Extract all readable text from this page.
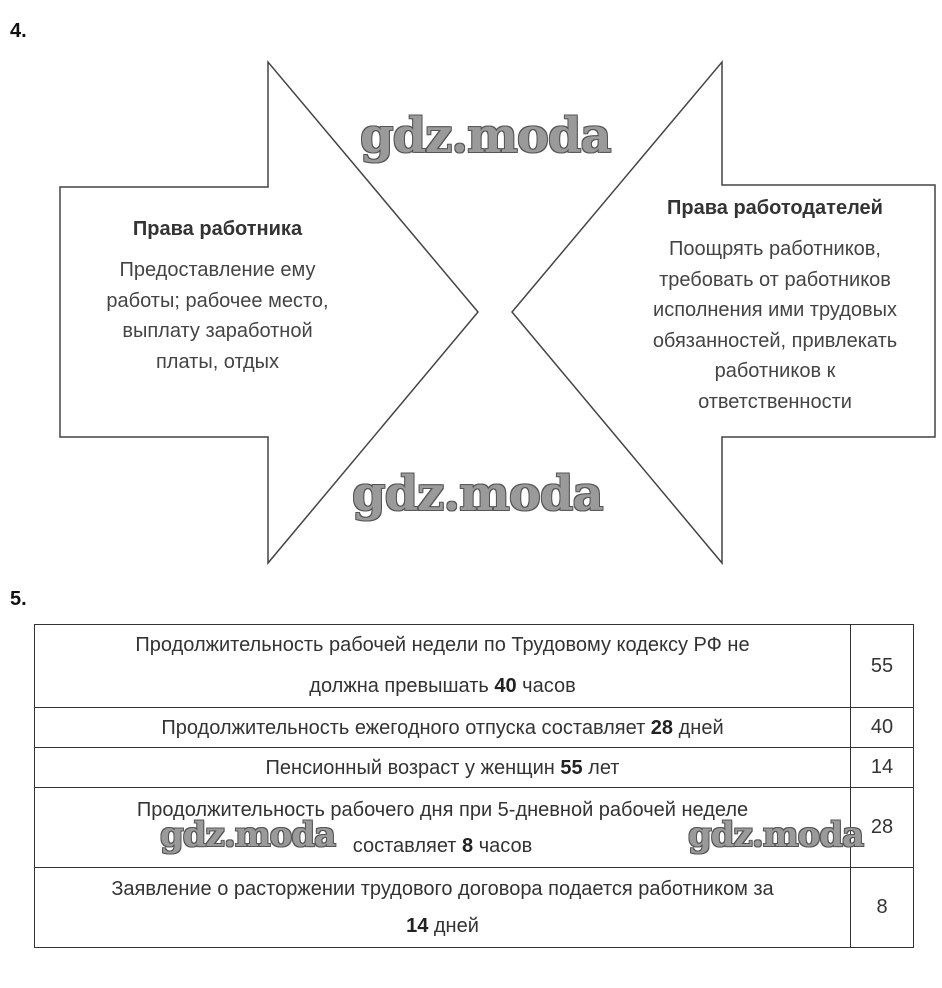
4.
Права работника
Предоставление ему
работы; рабочее место,
выплату заработной
платы, отдых
Права работодателей
Поощрять работников,
требовать от работников
исполнения ими трудовых
обязанностей, привлекать
работников к
ответственности
gdz.moda
gdz.moda
5.
Продолжительность рабочей недели по Трудовому кодексу РФ не
должна превышать 40 часов	55
Продолжительность ежегодного отпуска составляет 28 дней	40
Пенсионный возраст у женщин 55 лет	14

Продолжительность рабочего дня при 5-дневной рабочей неделе
составляет 8 часов	28

Заявление о расторжении трудового договора подается работником за
14 дней	8
gdz.moda	gdz.moda
